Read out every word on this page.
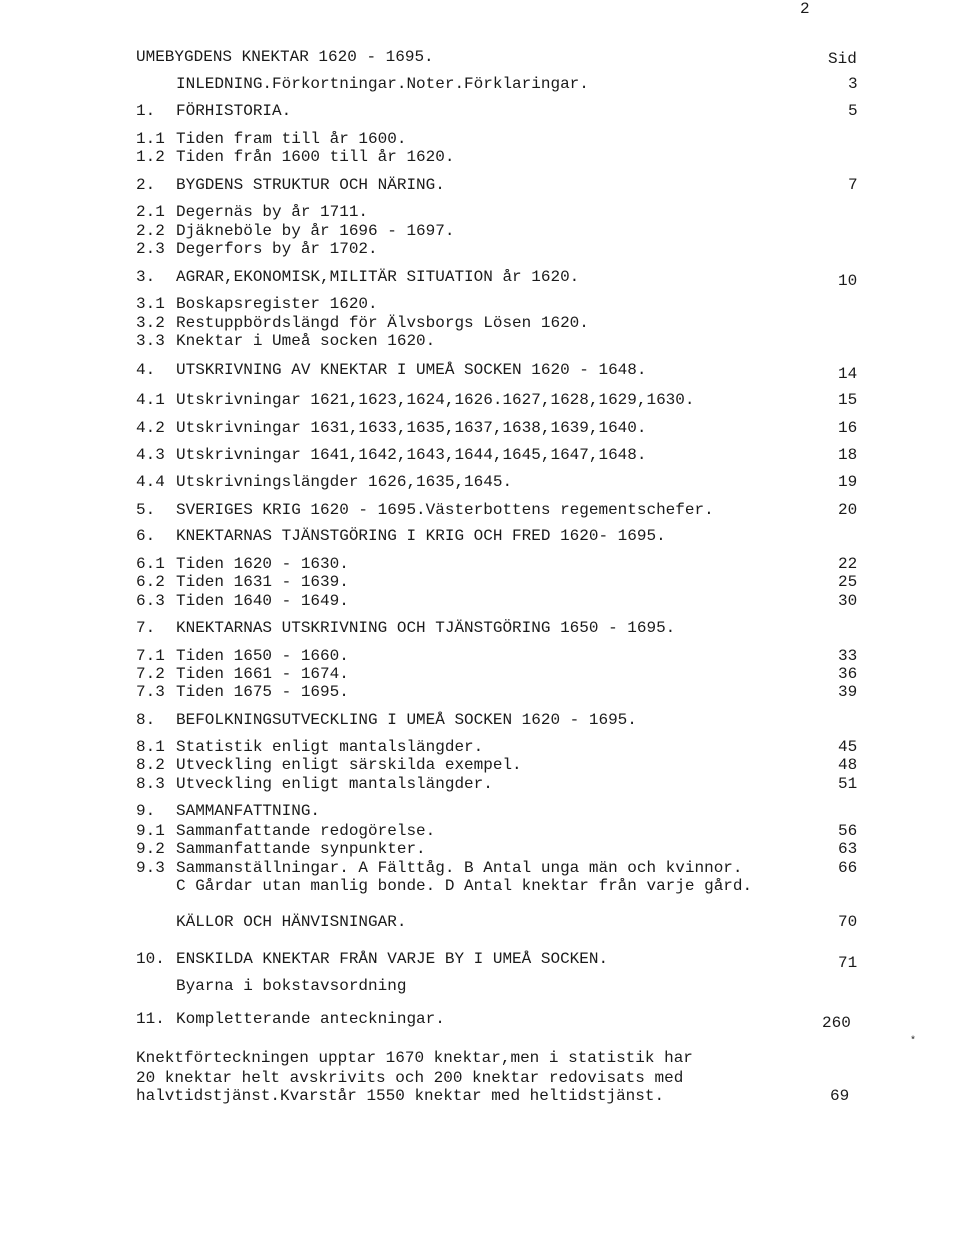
2
*
UMEBYGDENS KNEKTAR 1620 - 1695.	Sid
INLEDNING.Förkortningar.Noter.Förklaringar.	3
1. FÖRHISTORIA.	5
1.1 Tiden fram till år 1600.
1.2 Tiden från 1600 till år 1620.
2. BYGDENS STRUKTUR OCH NÄRING.	7
2.1 Degernäs by år 1711.
2.2 Djäkneböle by år 1696 - 1697.
2.3 Degerfors by år 1702.
3. AGRAR,EKONOMISK,MILITÄR SITUATION år 1620.	10
3.1 Boskapsregister 1620.
3.2 Restuppbördslängd för Älvsborgs Lösen 1620.
3.3 Knektar i Umeå socken 1620.
4. UTSKRIVNING AV KNEKTAR I UMEÅ SOCKEN 1620 - 1648.	14
4.1 Utskrivningar 1621,1623,1624,1626.1627,1628,1629,1630.	15
4.2 Utskrivningar 1631,1633,1635,1637,1638,1639,1640.	16
4.3 Utskrivningar 1641,1642,1643,1644,1645,1647,1648.	18
4.4 Utskrivningslängder 1626,1635,1645.	19
5. SVERIGES KRIG 1620 - 1695.Västerbottens regementschefer.	20
6. KNEKTARNAS TJÄNSTGÖRING I KRIG OCH FRED 1620- 1695.
6.1 Tiden 1620 - 1630.	22
6.2 Tiden 1631 - 1639.	25
6.3 Tiden 1640 - 1649.	30
7. KNEKTARNAS UTSKRIVNING OCH TJÄNSTGÖRING 1650 - 1695.
7.1 Tiden 1650 - 1660.	33
7.2 Tiden 1661 - 1674.	36
7.3 Tiden 1675 - 1695.	39
8. BEFOLKNINGSUTVECKLING I UMEÅ SOCKEN 1620 - 1695.
8.1 Statistik enligt mantalslängder.	45
8.2 Utveckling enligt särskilda exempel.	48
8.3 Utveckling enligt mantalslängder.	51
9. SAMMANFATTNING.
9.1 Sammanfattande redogörelse.	56
9.2 Sammanfattande synpunkter.	63
9.3 Sammanställningar. A Fälttåg. B Antal unga män och kvinnor.	66
C Gårdar utan manlig bonde. D Antal knektar från varje gård.
KÄLLOR OCH HÄNVISNINGAR.	70
10. ENSKILDA KNEKTAR FRÅN VARJE BY I UMEÅ SOCKEN.	71
Byarna i bokstavsordning
11. Kompletterande anteckningar.	260
Knektförteckningen upptar 1670 knektar,men i statistik har
20 knektar helt avskrivits och 200 knektar redovisats med
halvtidstjänst.Kvarstår 1550 knektar med heltidstjänst.	69
